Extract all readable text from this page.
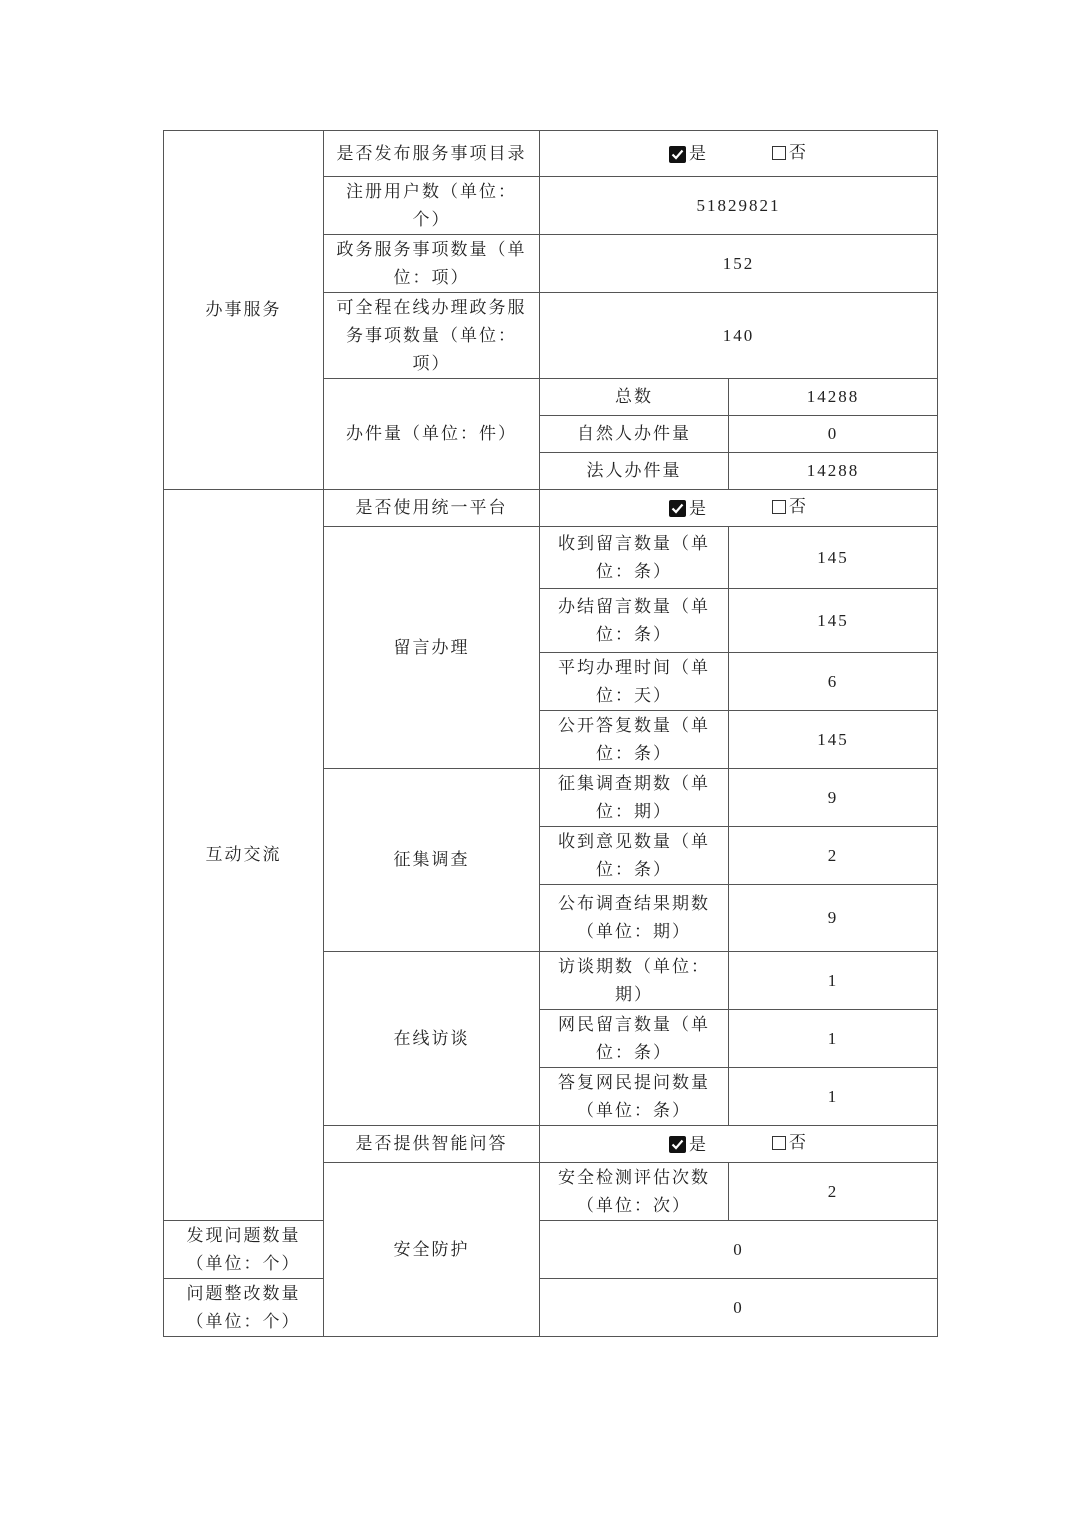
办事服务	是否发布服务事项目录	是 否	

	注册用户数（单位：个）	51829821	
	政务服务事项数量（单位：项）	152	
	可全程在线办理政务服务事项数量（单位：项）	140	
	办件量（单位：件）	总数	14288
		自然人办件量	0
		法人办件量	14288
互动交流	是否使用统一平台	是 否	

	留言办理	收到留言数量（单位：条）	145
		办结留言数量（单位：条）	145
		平均办理时间（单位：天）	6
		公开答复数量（单位：条）	145
	征集调查	征集调查期数（单位：期）	9
		收到意见数量（单位：条）	2
		公布调查结果期数（单位：期）	9
	在线访谈	访谈期数（单位：期）	1
		网民留言数量（单位：条）	1
		答复网民提问数量（单位：条）	1
	是否提供智能问答	是 否	

	安全防护	安全检测评估次数（单位：次）	2
发现问题数量（单位：个）		0	
问题整改数量（单位：个）		0	
